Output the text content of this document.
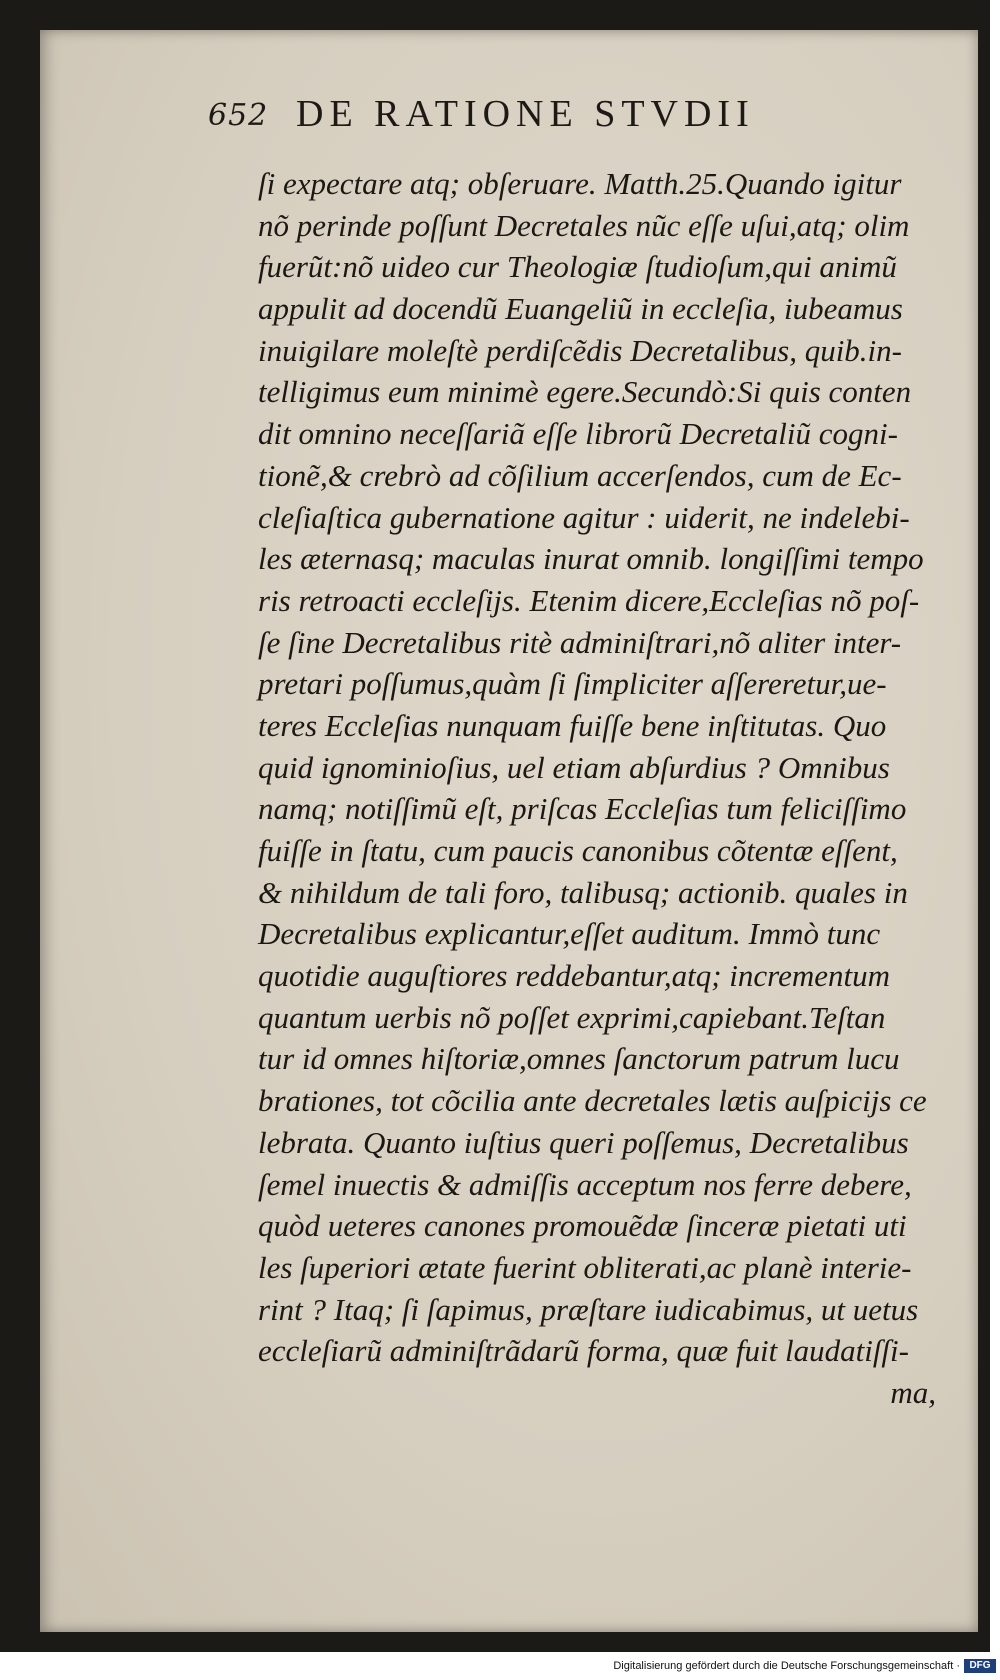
652 DE RATIONE STVDII
ſi expectare atq; obſeruare. Matth.25.Quando igitur
nõ perinde poſſunt Decretales nũc eſſe uſui,atq; olim
fuerũt:nõ uideo cur Theologiæ ſtudioſum,qui animũ
appulit ad docendũ Euangeliũ in eccleſia, iubeamus
inuigilare moleſtè perdiſcẽdis Decretalibus, quib.in-
telligimus eum minimè egere.Secundò:Si quis conten
dit omnino neceſſariã eſſe librorũ Decretaliũ cogni-
tionẽ,& crebrò ad cõſilium accerſendos, cum de Ec-
cleſiaſtica gubernatione agitur : uiderit, ne indelebi-
les æternasq; maculas inurat omnib. longiſſimi tempo
ris retroacti eccleſijs. Etenim dicere,Eccleſias nõ poſ-
ſe ſine Decretalibus ritè adminiſtrari,nõ aliter inter-
pretari poſſumus,quàm ſi ſimpliciter aſſereretur,ue-
teres Eccleſias nunquam fuiſſe bene inſtitutas. Quo
quid ignominioſius, uel etiam abſurdius ? Omnibus
namq; notiſſimũ eſt, priſcas Eccleſias tum feliciſſimo
fuiſſe in ſtatu, cum paucis canonibus cõtentæ eſſent,
& nihildum de tali foro, talibusq; actionib. quales in
Decretalibus explicantur,eſſet auditum. Immò tunc
quotidie auguſtiores reddebantur,atq; incrementum
quantum uerbis nõ poſſet exprimi,capiebant.Teſtan
tur id omnes hiſtoriæ,omnes ſanctorum patrum lucu
brationes, tot cõcilia ante decretales lætis auſpicijs ce
lebrata. Quanto iuſtius queri poſſemus, Decretalibus
ſemel inuectis & admiſſis acceptum nos ferre debere,
quòd ueteres canones promouẽdæ ſinceræ pietati uti
les ſuperiori ætate fuerint obliterati,ac planè interie-
rint ? Itaq; ſi ſapimus, præſtare iudicabimus, ut uetus
eccleſiarũ adminiſtrãdarũ forma, quæ fuit laudatiſſi-
ma,
Digitalisierung gefördert durch die Deutsche Forschungsgemeinschaft · DFG
